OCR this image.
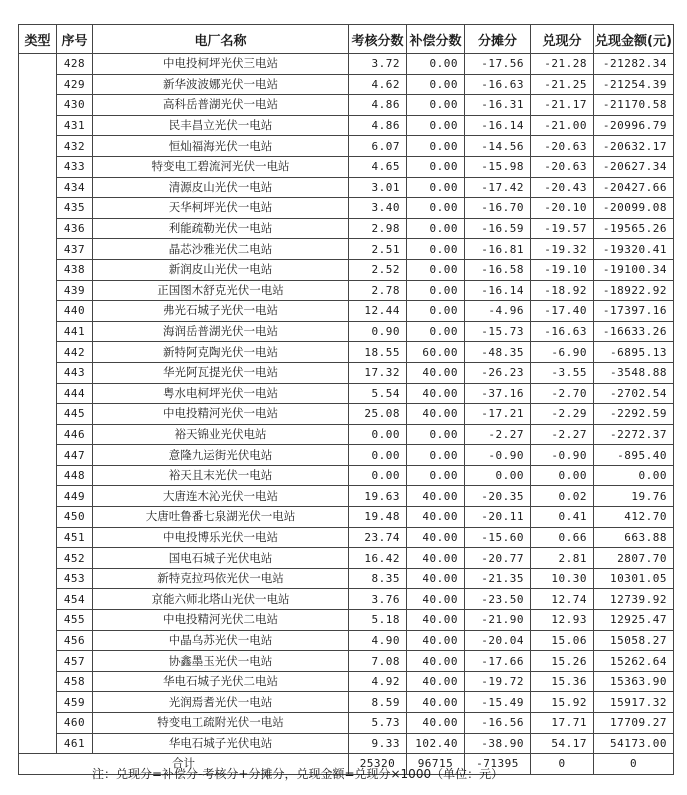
类型	序号	电厂名称	考核分数	补偿分数	分摊分	兑现分	兑现金额(元)
	428	中电投柯坪光伏三电站	3.72	0.00	-17.56	-21.28	-21282.34
	429	新华波波娜光伏一电站	4.62	0.00	-16.63	-21.25	-21254.39
	430	高科岳普湖光伏一电站	4.86	0.00	-16.31	-21.17	-21170.58
	431	民丰昌立光伏一电站	4.86	0.00	-16.14	-21.00	-20996.79
	432	恒灿福海光伏一电站	6.07	0.00	-14.56	-20.63	-20632.17
	433	特变电工碧流河光伏一电站	4.65	0.00	-15.98	-20.63	-20627.34
	434	清源皮山光伏一电站	3.01	0.00	-17.42	-20.43	-20427.66
	435	天华柯坪光伏一电站	3.40	0.00	-16.70	-20.10	-20099.08
	436	利能疏勒光伏一电站	2.98	0.00	-16.59	-19.57	-19565.26
	437	晶芯沙雅光伏二电站	2.51	0.00	-16.81	-19.32	-19320.41
	438	新润皮山光伏一电站	2.52	0.00	-16.58	-19.10	-19100.34
	439	正国图木舒克光伏一电站	2.78	0.00	-16.14	-18.92	-18922.92
	440	弗光石城子光伏一电站	12.44	0.00	-4.96	-17.40	-17397.16
	441	海润岳普湖光伏一电站	0.90	0.00	-15.73	-16.63	-16633.26
	442	新特阿克陶光伏一电站	18.55	60.00	-48.35	-6.90	-6895.13
	443	华光阿瓦提光伏一电站	17.32	40.00	-26.23	-3.55	-3548.88
	444	粤水电柯坪光伏一电站	5.54	40.00	-37.16	-2.70	-2702.54
	445	中电投精河光伏一电站	25.08	40.00	-17.21	-2.29	-2292.59
	446	裕天锦业光伏电站	0.00	0.00	-2.27	-2.27	-2272.37
	447	意隆九运街光伏电站	0.00	0.00	-0.90	-0.90	-895.40
	448	裕天且末光伏一电站	0.00	0.00	0.00	0.00	0.00
	449	大唐连木沁光伏一电站	19.63	40.00	-20.35	0.02	19.76
	450	大唐吐鲁番七泉湖光伏一电站	19.48	40.00	-20.11	0.41	412.70
	451	中电投博乐光伏一电站	23.74	40.00	-15.60	0.66	663.88
	452	国电石城子光伏电站	16.42	40.00	-20.77	2.81	2807.70
	453	新特克拉玛依光伏一电站	8.35	40.00	-21.35	10.30	10301.05
	454	京能六师北塔山光伏一电站	3.76	40.00	-23.50	12.74	12739.92
	455	中电投精河光伏二电站	5.18	40.00	-21.90	12.93	12925.47
	456	中晶乌苏光伏一电站	4.90	40.00	-20.04	15.06	15058.27
	457	协鑫墨玉光伏一电站	7.08	40.00	-17.66	15.26	15262.64
	458	华电石城子光伏二电站	4.92	40.00	-19.72	15.36	15363.90
	459	光润焉耆光伏一电站	8.59	40.00	-15.49	15.92	15917.32
	460	特变电工疏附光伏一电站	5.73	40.00	-16.56	17.71	17709.27
	461	华电石城子光伏电站	9.33	102.40	-38.90	54.17	54173.00
合计			25320	96715	-71395	0	0
注：兑现分=补偿分-考核分+分摊分，兑现金额=兑现分×1000（单位：元）
